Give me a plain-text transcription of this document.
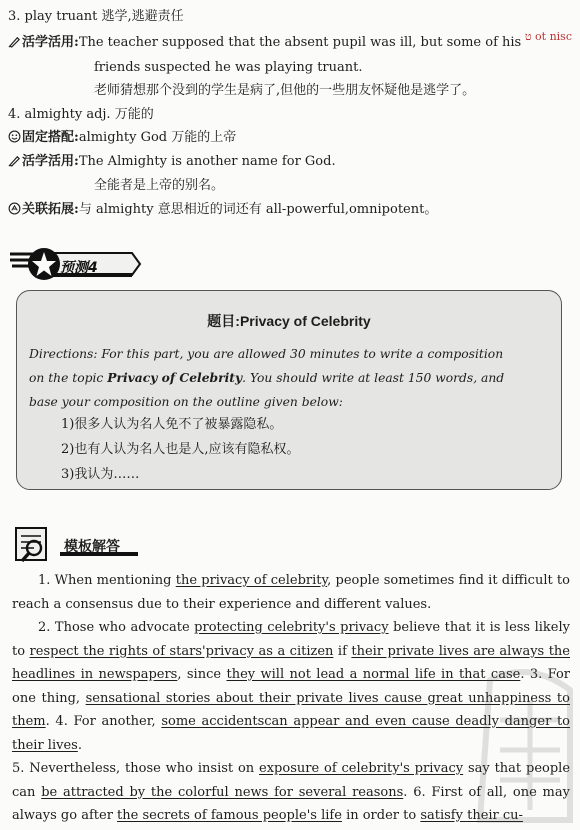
ט ot nisc
3. play truant 逃学,逃避责任
活学活用:The teacher supposed that the absent pupil was ill, but some of his
friends suspected he was playing truant.
老师猜想那个没到的学生是病了,但他的一些朋友怀疑他是逃学了。
4. almighty adj. 万能的
固定搭配:almighty God 万能的上帝
活学活用:The Almighty is another name for God.
全能者是上帝的别名。
关联拓展:与 almighty 意思相近的词还有 all-powerful,omnipotent。
预测4
题目:Privacy of Celebrity
Directions: For this part, you are allowed 30 minutes to write a composition
on the topic Privacy of Celebrity. You should write at least 150 words, and
base your composition on the outline given below:
1)很多人认为名人免不了被暴露隐私。
2)也有人认为名人也是人,应该有隐私权。
3)我认为……
模板解答

1. When mentioning the privacy of celebrity, people sometimes find it difficult to reach a consensus due to their experience and different values.

2. Those who advocate protecting celebrity's privacy believe that it is less likely to respect the rights of stars'privacy as a citizen if their private lives are always the headlines in newspapers, since they will not lead a normal life in that case. 3. For one thing, sensational stories about their private lives cause great unhappiness to them. 4. For another, some accidentscan appear and even cause deadly danger to their lives.

5. Nevertheless, those who insist on exposure of celebrity's privacy say that people can be attracted by the colorful news for several reasons. 6. First of all, one may always go after the secrets of famous people's life in order to satisfy their cu-
